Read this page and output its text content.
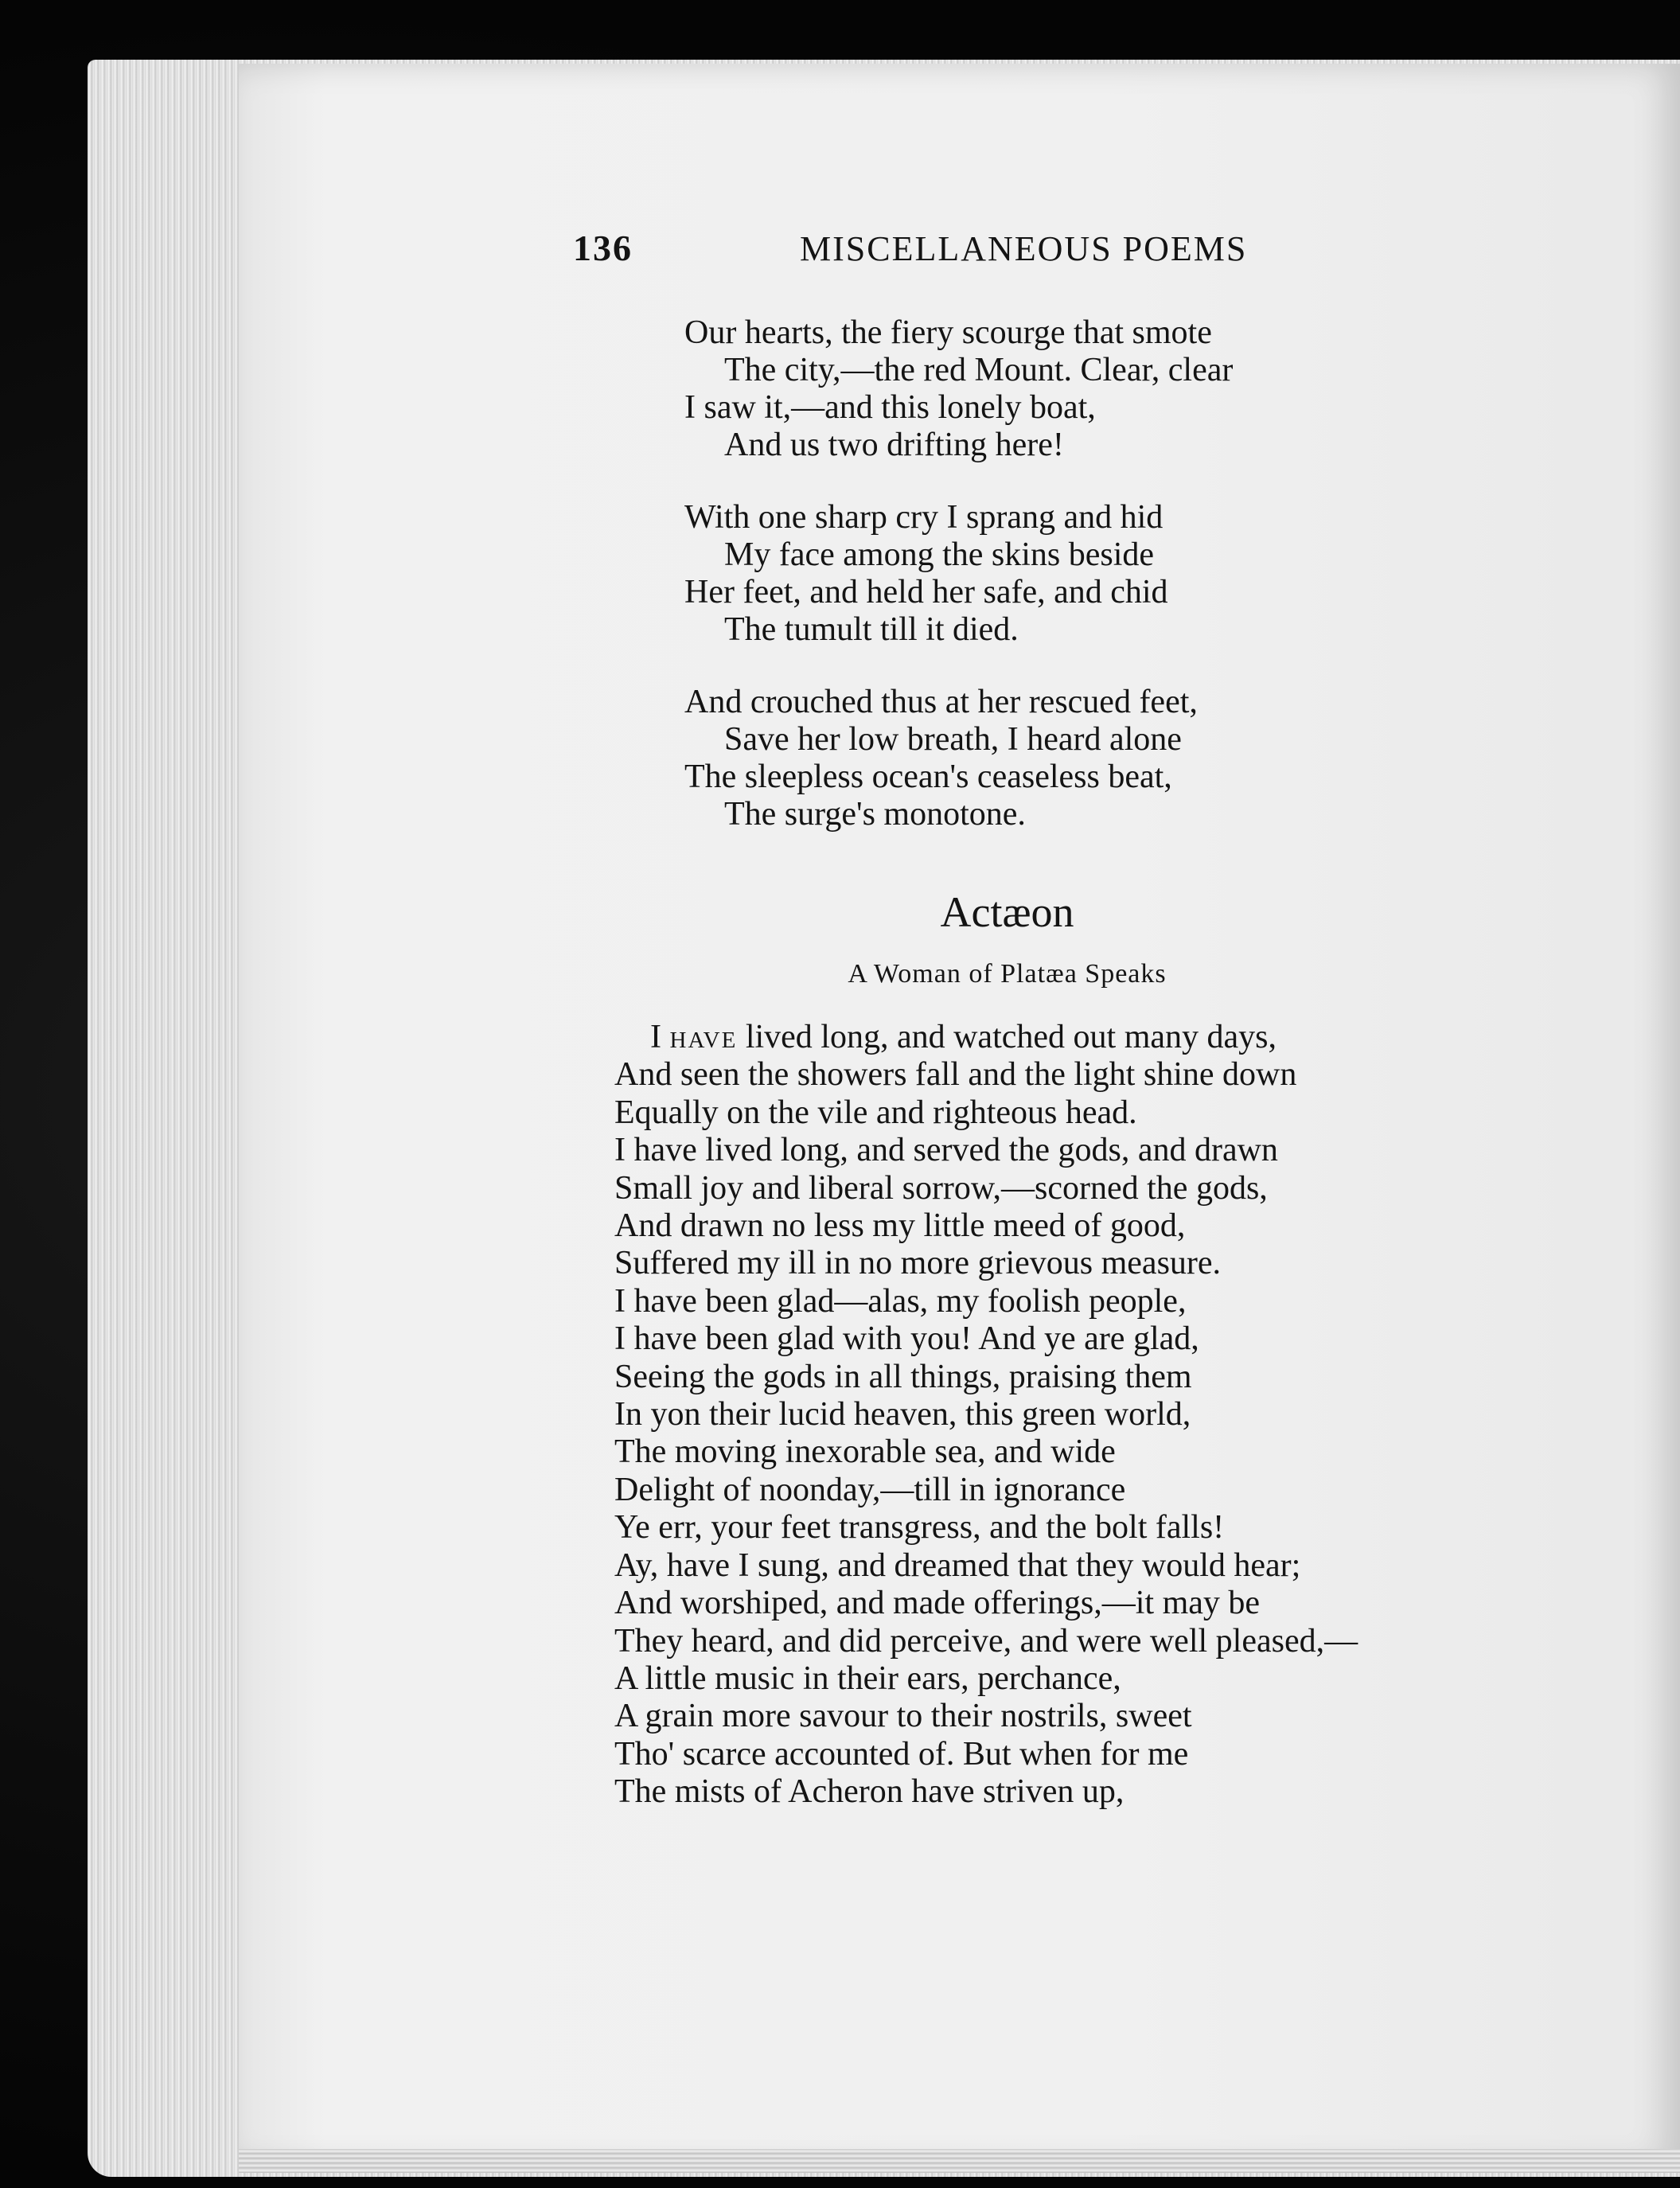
136	MISCELLANEOUS POEMS
Our hearts, the fiery scourge that smote
The city,—the red Mount. Clear, clear
I saw it,—and this lonely boat,
And us two drifting here!
With one sharp cry I sprang and hid
My face among the skins beside
Her feet, and held her safe, and chid
The tumult till it died.
And crouched thus at her rescued feet,
Save her low breath, I heard alone
The sleepless ocean's ceaseless beat,
The surge's monotone.
Actæon
A Woman of Platæa Speaks
I have lived long, and watched out many days,
And seen the showers fall and the light shine down
Equally on the vile and righteous head.
I have lived long, and served the gods, and drawn
Small joy and liberal sorrow,—scorned the gods,
And drawn no less my little meed of good,
Suffered my ill in no more grievous measure.
I have been glad—alas, my foolish people,
I have been glad with you! And ye are glad,
Seeing the gods in all things, praising them
In yon their lucid heaven, this green world,
The moving inexorable sea, and wide
Delight of noonday,—till in ignorance
Ye err, your feet transgress, and the bolt falls!
Ay, have I sung, and dreamed that they would hear;
And worshiped, and made offerings,—it may be
They heard, and did perceive, and were well pleased,—
A little music in their ears, perchance,
A grain more savour to their nostrils, sweet
Tho' scarce accounted of. But when for me
The mists of Acheron have striven up,
